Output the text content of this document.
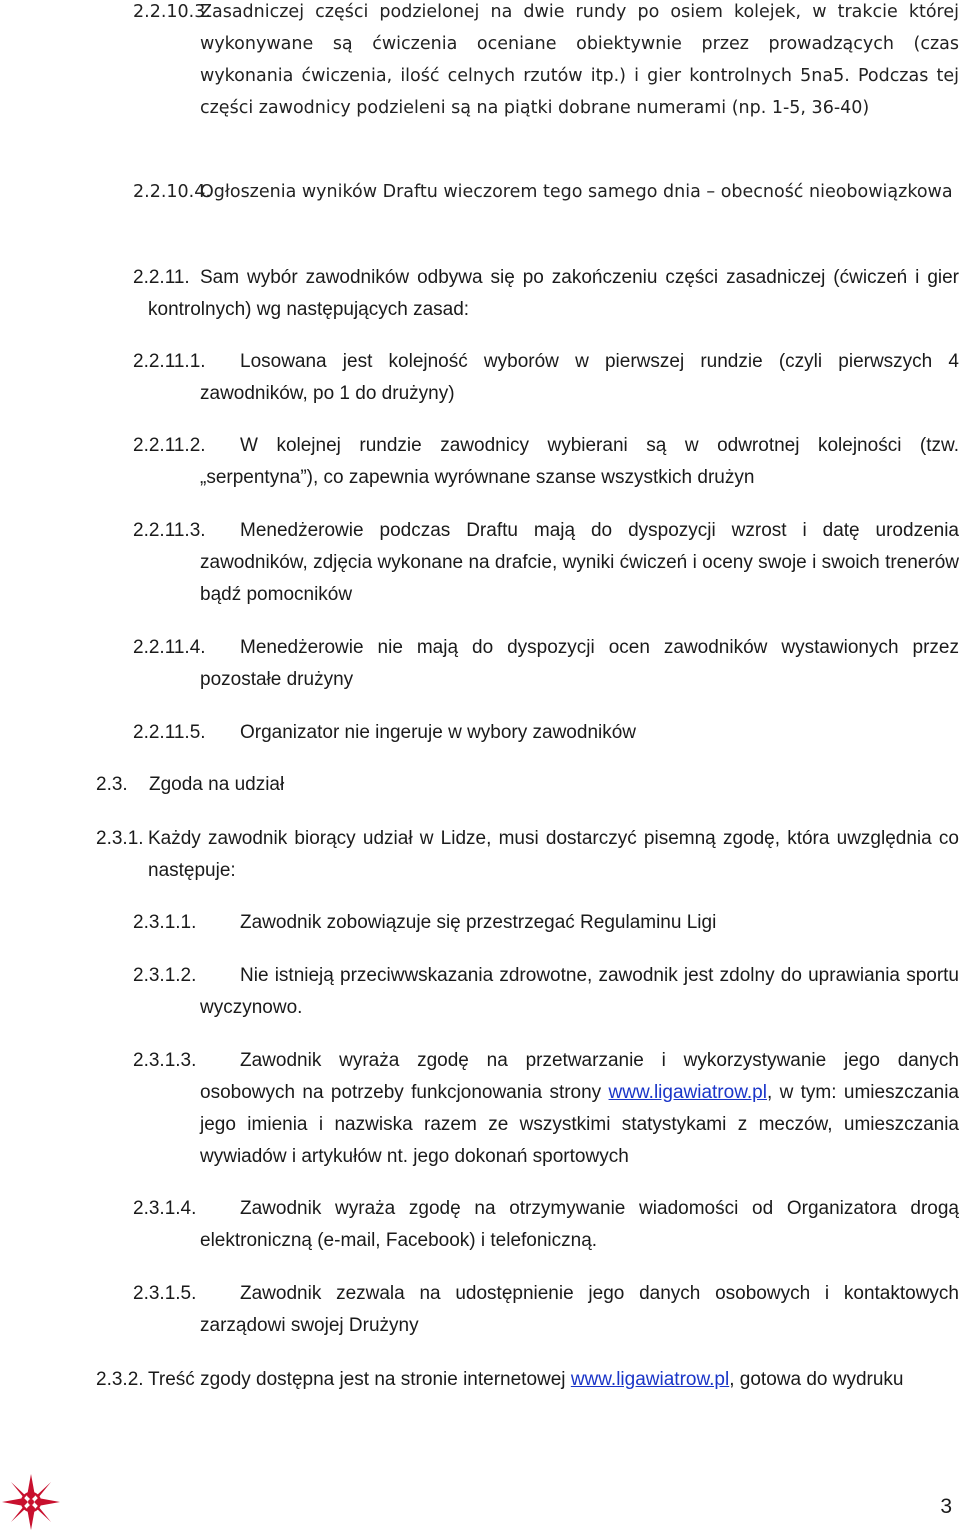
2.2.10.3.
Zasadniczej części podzielonej na dwie rundy po osiem kolejek, w trakcie której wykonywane są ćwiczenia oceniane obiektywnie przez prowadzących (czas wykonania ćwiczenia, ilość celnych rzutów itp.) i gier kontrolnych 5na5. Podczas tej części zawodnicy podzieleni są na piątki dobrane numerami (np. 1-5, 36-40)
2.2.10.4.
Ogłoszenia wyników Draftu wieczorem tego samego dnia – obecność nieobowiązkowa
2.2.11. Sam wybór zawodników odbywa się po zakończeniu części zasadniczej (ćwiczeń i gier kontrolnych) wg następujących zasad:
2.2.11.1.	Losowana jest kolejność wyborów w pierwszej rundzie (czyli pierwszych 4 zawodników, po 1 do drużyny)
2.2.11.2.	W kolejnej rundzie zawodnicy wybierani są w odwrotnej kolejności (tzw. „serpentyna”), co zapewnia wyrównane szanse wszystkich drużyn
2.2.11.3.	Menedżerowie podczas Draftu mają do dyspozycji wzrost i datę urodzenia zawodników, zdjęcia wykonane na drafcie, wyniki ćwiczeń i oceny swoje i swoich trenerów bądź pomocników
2.2.11.4.	Menedżerowie nie mają do dyspozycji ocen zawodników wystawionych przez pozostałe drużyny
2.2.11.5.	Organizator nie ingeruje w wybory zawodników
2.3. Zgoda na udział
2.3.1. Każdy zawodnik biorący udział w Lidze, musi dostarczyć pisemną zgodę, która uwzględnia co następuje:
2.3.1.1.	Zawodnik zobowiązuje się przestrzegać Regulaminu Ligi
2.3.1.2.	Nie istnieją przeciwwskazania zdrowotne, zawodnik jest zdolny do uprawiania sportu wyczynowo.
2.3.1.3.	Zawodnik wyraża zgodę na przetwarzanie i wykorzystywanie jego danych osobowych na potrzeby funkcjonowania strony www.ligawiatrow.pl, w tym: umieszczania jego imienia i nazwiska razem ze wszystkimi statystykami z meczów, umieszczania wywiadów i artykułów nt. jego dokonań sportowych
2.3.1.4.	Zawodnik wyraża zgodę na otrzymywanie wiadomości od Organizatora drogą elektroniczną (e-mail, Facebook) i telefoniczną.
2.3.1.5.	Zawodnik zezwala na udostępnienie jego danych osobowych i kontaktowych zarządowi swojej Drużyny
2.3.2. Treść zgody dostępna jest na stronie internetowej www.ligawiatrow.pl, gotowa do wydruku
3
